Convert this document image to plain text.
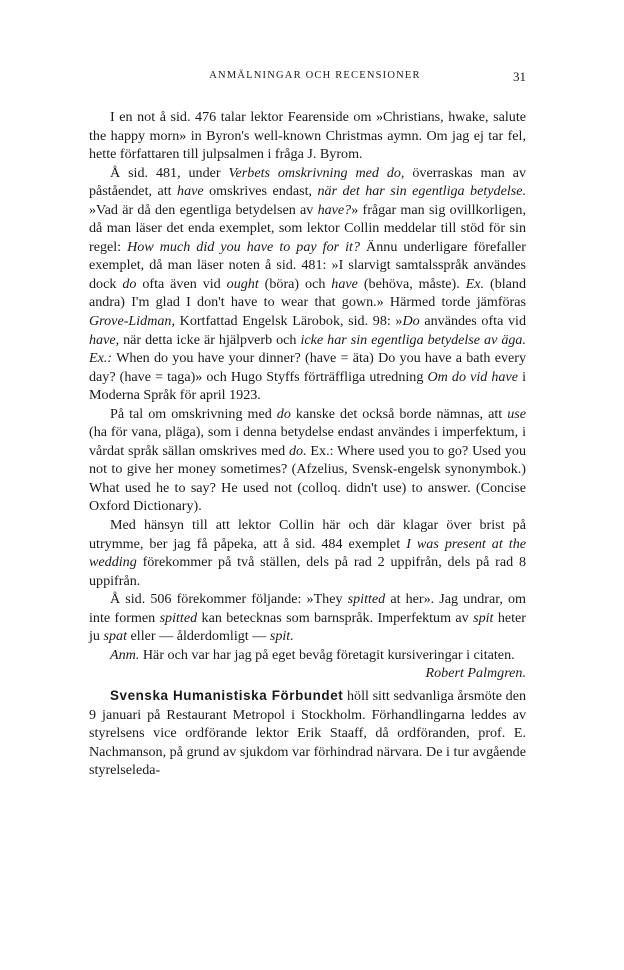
ANMÄLNINGAR OCH RECENSIONER	31

I en not å sid. 476 talar lektor Fearenside om »Christians, hwake, salute the happy morn» in Byron's well-known Christmas aymn. Om jag ej tar fel, hette författaren till julpsalmen i fråga J. Byrom.

Å sid. 481, under Verbets omskrivning med do, överraskas man av påståendet, att have omskrives endast, när det har sin egentliga betydelse. »Vad är då den egentliga betydelsen av have?» frågar man sig ovillkorligen, då man läser det enda exemplet, som lektor Collin meddelar till stöd för sin regel: How much did you have to pay for it? Ännu underligare förefaller exemplet, då man läser noten å sid. 481: »I slarvigt samtalsspråk användes dock do ofta även vid ought (böra) och have (behöva, måste). Ex. (bland andra) I'm glad I don't have to wear that gown.» Härmed torde jämföras Grove-Lidman, Kortfattad Engelsk Lärobok, sid. 98: »Do användes ofta vid have, när detta icke är hjälpverb och icke har sin egentliga betydelse av äga. Ex.: When do you have your dinner? (have = äta) Do you have a bath every day? (have = taga)» och Hugo Styffs förträffliga utredning Om do vid have i Moderna Språk för april 1923.

På tal om omskrivning med do kanske det också borde nämnas, att use (ha för vana, pläga), som i denna betydelse endast användes i imperfektum, i vårdat språk sällan omskrives med do. Ex.: Where used you to go? Used you not to give her money sometimes? (Afzelius, Svensk-engelsk synonymbok.) What used he to say? He used not (colloq. didn't use) to answer. (Concise Oxford Dictionary).

Med hänsyn till att lektor Collin här och där klagar över brist på utrymme, ber jag få påpeka, att å sid. 484 exemplet I was present at the wedding förekommer på två ställen, dels på rad 2 uppifrån, dels på rad 8 uppifrån.

Å sid. 506 förekommer följande: »They spitted at her». Jag undrar, om inte formen spitted kan betecknas som barnspråk. Imperfektum av spit heter ju spat eller — ålderdomligt — spit.

Anm. Här och var har jag på eget bevåg företagit kursiveringar i citaten.
Robert Palmgren.

Svenska Humanistiska Förbundet höll sitt sedvanliga årsmöte den 9 januari på Restaurant Metropol i Stockholm. Förhandlingarna leddes av styrelsens vice ordförande lektor Erik Staaff, då ordföranden, prof. E. Nachmanson, på grund av sjukdom var förhindrad närvara. De i tur avgående styrelseleda-
